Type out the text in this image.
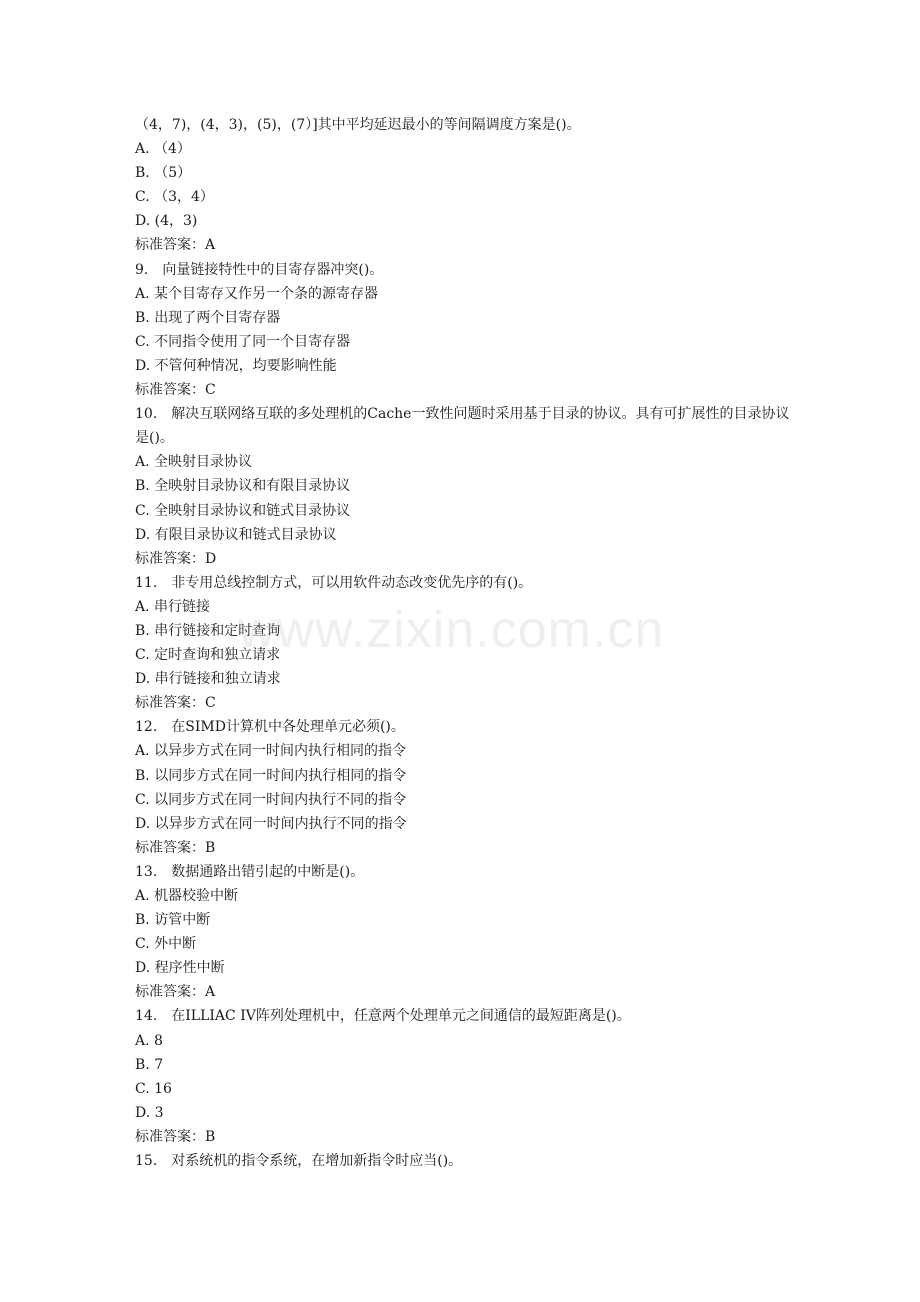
（4，7)，(4，3)，(5)，(7）]其中平均延迟最小的等间隔调度方案是()。
A. （4）
B. （5）
C. （3，4）
D. (4，3)
标准答案：A
9.　向量链接特性中的目寄存器冲突()。
A. 某个目寄存又作另一个条的源寄存器
B. 出现了两个目寄存器
C. 不同指令使用了同一个目寄存器
D. 不管何种情况，均要影响性能
标准答案：C
10.　解决互联网络互联的多处理机的Cache一致性问题时采用基于目录的协议。具有可扩展性的目录协议是()。
A. 全映射目录协议
B. 全映射目录协议和有限目录协议
C. 全映射目录协议和链式目录协议
D. 有限目录协议和链式目录协议
标准答案：D
11.　非专用总线控制方式，可以用软件动态改变优先序的有()。
A. 串行链接
B. 串行链接和定时查询
C. 定时查询和独立请求
D. 串行链接和独立请求
标准答案：C
12.　在SIMD计算机中各处理单元必须()。
A. 以异步方式在同一时间内执行相同的指令
B. 以同步方式在同一时间内执行相同的指令
C. 以同步方式在同一时间内执行不同的指令
D. 以异步方式在同一时间内执行不同的指令
标准答案：B
13.　数据通路出错引起的中断是()。
A. 机器校验中断
B. 访管中断
C. 外中断
D. 程序性中断
标准答案：A
14.　在ILLIAC IV阵列处理机中，任意两个处理单元之间通信的最短距离是()。
A. 8
B. 7
C. 16
D. 3
标准答案：B
15.　对系统机的指令系统，在增加新指令时应当()。
www.zixin.com.cn
